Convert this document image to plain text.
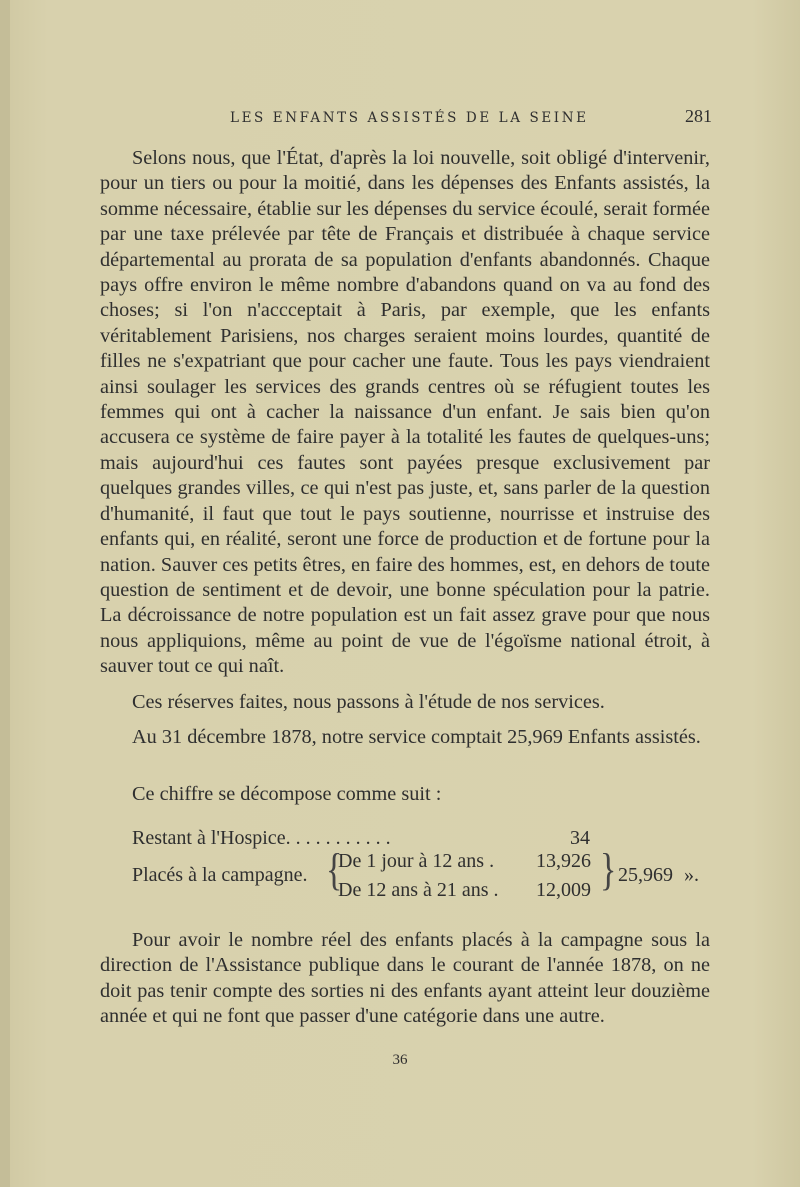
LES ENFANTS ASSISTÉS DE LA SEINE	281

Selons nous, que l'État, d'après la loi nouvelle, soit obligé d'intervenir, pour un tiers ou pour la moitié, dans les dépenses des Enfants assistés, la somme nécessaire, établie sur les dépenses du service écoulé, serait formée par une taxe prélevée par tête de Français et distribuée à chaque service départemental au prorata de sa population d'enfants abandonnés. Chaque pays offre environ le même nombre d'abandons quand on va au fond des choses; si l'on n'accceptait à Paris, par exemple, que les enfants véritablement Parisiens, nos charges seraient moins lourdes, quantité de filles ne s'expatriant que pour cacher une faute. Tous les pays viendraient ainsi soulager les services des grands centres où se réfugient toutes les femmes qui ont à cacher la naissance d'un enfant. Je sais bien qu'on accusera ce système de faire payer à la totalité les fautes de quelques-uns; mais aujourd'hui ces fautes sont payées presque exclusivement par quelques grandes villes, ce qui n'est pas juste, et, sans parler de la question d'humanité, il faut que tout le pays soutienne, nourrisse et instruise des enfants qui, en réalité, seront une force de production et de fortune pour la nation. Sauver ces petits êtres, en faire des hommes, est, en dehors de toute question de sentiment et de devoir, une bonne spéculation pour la patrie. La décroissance de notre population est un fait assez grave pour que nous nous appliquions, même au point de vue de l'égoïsme national étroit, à sauver tout ce qui naît.

Ces réserves faites, nous passons à l'étude de nos services.

Au 31 décembre 1878, notre service comptait 25,969 Enfants assistés.

Ce chiffre se décompose comme suit :

Restant à l'Hospice. . . . . . . . . . .	34
Placés à la campagne. {
De 1 jour à 12 ans . 13,926
De 12 ans à 21 ans . 12,009 } 25,969 ».

Pour avoir le nombre réel des enfants placés à la campagne sous la direction de l'Assistance publique dans le courant de l'année 1878, on ne doit pas tenir compte des sorties ni des enfants ayant atteint leur douzième année et qui ne font que passer d'une catégorie dans une autre.

36
